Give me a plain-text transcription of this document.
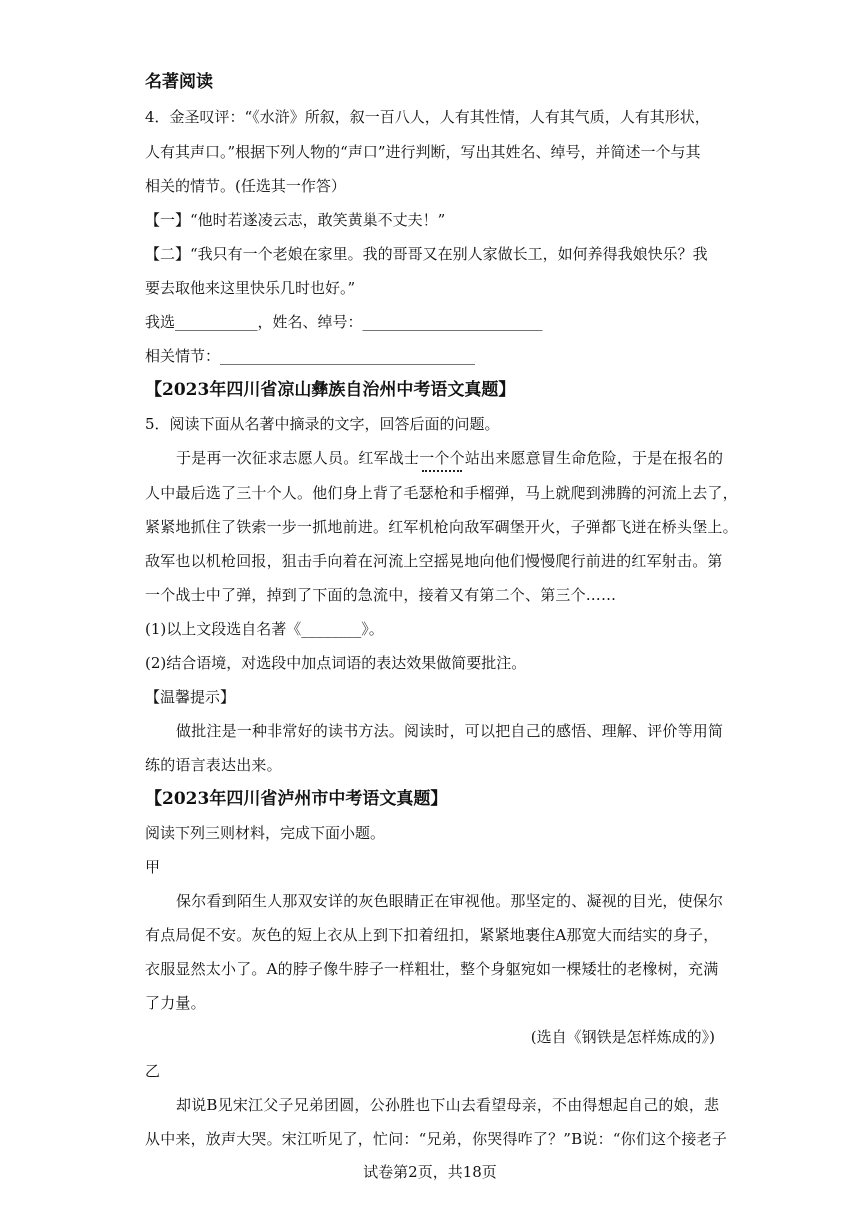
名著阅读
4．金圣叹评：“《水浒》所叙，叙一百八人，人有其性情，人有其气质，人有其形状，
人有其声口。”根据下列人物的“声口”进行判断，写出其姓名、绰号，并简述一个与其
相关的情节。(任选其一作答）
【一】“他时若遂凌云志，敢笑黄巢不丈夫！”
【二】“我只有一个老娘在家里。我的哥哥又在别人家做长工，如何养得我娘快乐？我
要去取他来这里快乐几时也好。”
我选___________，姓名、绰号：________________________
相关情节：__________________________________
【2023年四川省凉山彝族自治州中考语文真题】
5．阅读下面从名著中摘录的文字，回答后面的问题。
于是再一次征求志愿人员。红军战士一个个站出来愿意冒生命危险，于是在报名的
人中最后选了三十个人。他们身上背了毛瑟枪和手榴弹，马上就爬到沸腾的河流上去了，
紧紧地抓住了铁索一步一抓地前进。红军机枪向敌军碉堡开火，子弹都飞迸在桥头堡上。
敌军也以机枪回报，狙击手向着在河流上空摇晃地向他们慢慢爬行前进的红军射击。第
一个战士中了弹，掉到了下面的急流中，接着又有第二个、第三个……
(1)以上文段选自名著《________》。
(2)结合语境，对选段中加点词语的表达效果做简要批注。
【温馨提示】
做批注是一种非常好的读书方法。阅读时，可以把自己的感悟、理解、评价等用简
练的语言表达出来。
【2023年四川省泸州市中考语文真题】
阅读下列三则材料，完成下面小题。
甲
保尔看到陌生人那双安详的灰色眼睛正在审视他。那坚定的、凝视的目光，使保尔
有点局促不安。灰色的短上衣从上到下扣着纽扣，紧紧地裹住A那宽大而结实的身子，
衣服显然太小了。A的脖子像牛脖子一样粗壮，整个身躯宛如一棵矮壮的老橡树，充满
了力量。
(选自《钢铁是怎样炼成的》)
乙
却说B见宋江父子兄弟团圆，公孙胜也下山去看望母亲，不由得想起自己的娘，悲
从中来，放声大哭。宋江听见了，忙问：“兄弟，你哭得咋了？”B说：“你们这个接老子
试卷第2页，共18页
